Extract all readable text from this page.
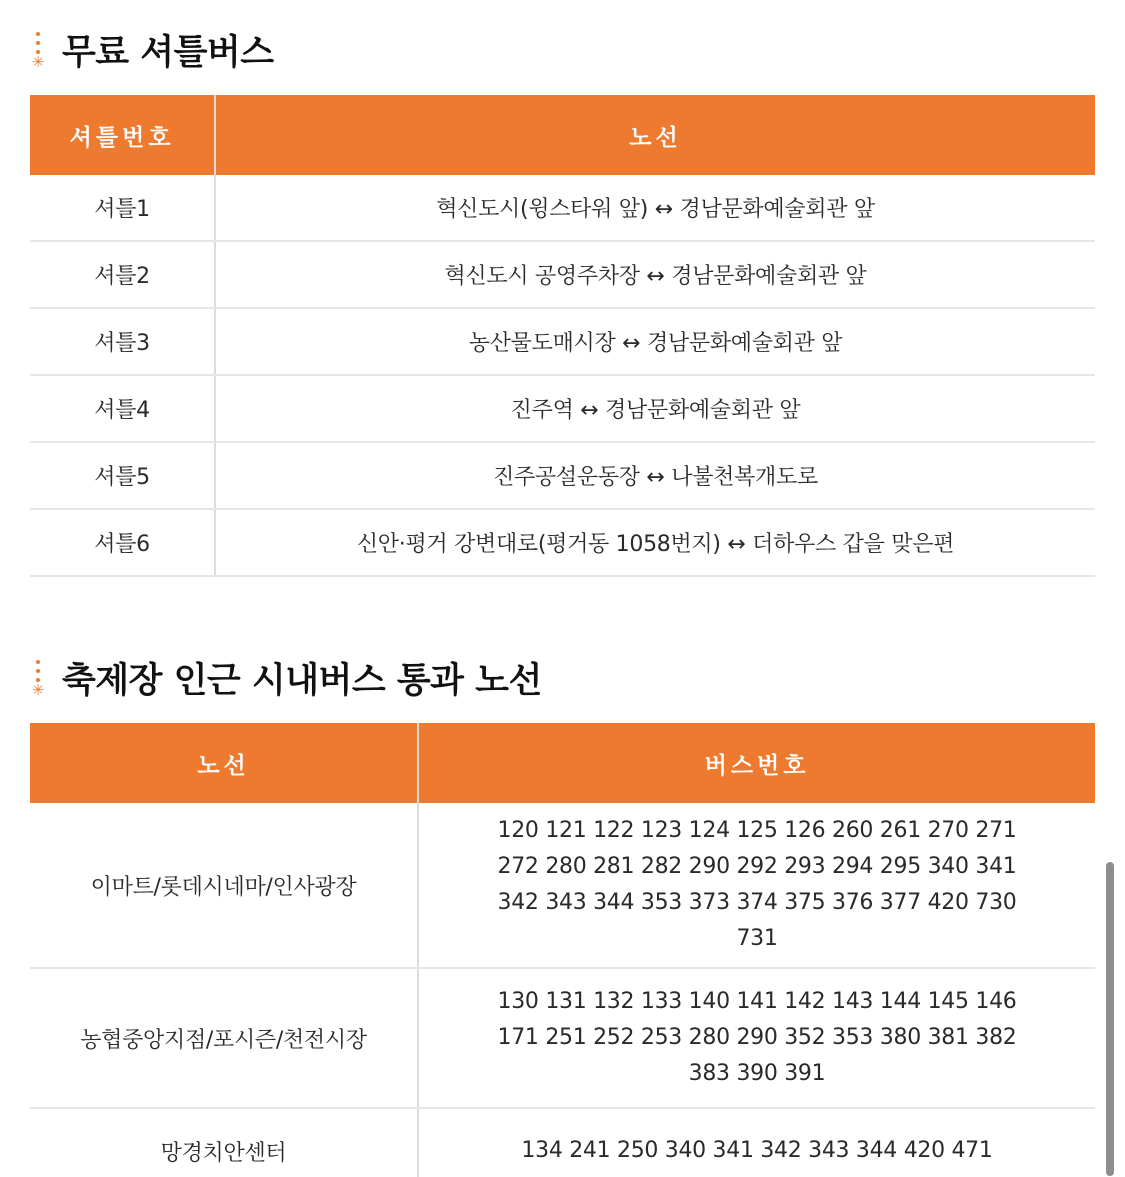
✳ 무료 셔틀버스
셔틀번호	노선
셔틀1	혁신도시(윙스타워 앞) ↔ 경남문화예술회관 앞
셔틀2	혁신도시 공영주차장 ↔ 경남문화예술회관 앞
셔틀3	농산물도매시장 ↔ 경남문화예술회관 앞
셔틀4	진주역 ↔ 경남문화예술회관 앞
셔틀5	진주공설운동장 ↔ 나불천복개도로
셔틀6	신안·평거 강변대로(평거동 1058번지) ↔ 더하우스 갑을 맞은편
✳ 축제장 인근 시내버스 통과 노선
노선	버스번호
이마트/롯데시네마/인사광장	120 121 122 123 124 125 126 260 261 270 271 272 280 281 282 290 292 293 294 295 340 341 342 343 344 353 373 374 375 376 377 420 730 731
농협중앙지점/포시즌/천전시장	130 131 132 133 140 141 142 143 144 145 146 171 251 252 253 280 290 352 353 380 381 382 383 390 391
망경치안센터	134 241 250 340 341 342 343 344 420 471
